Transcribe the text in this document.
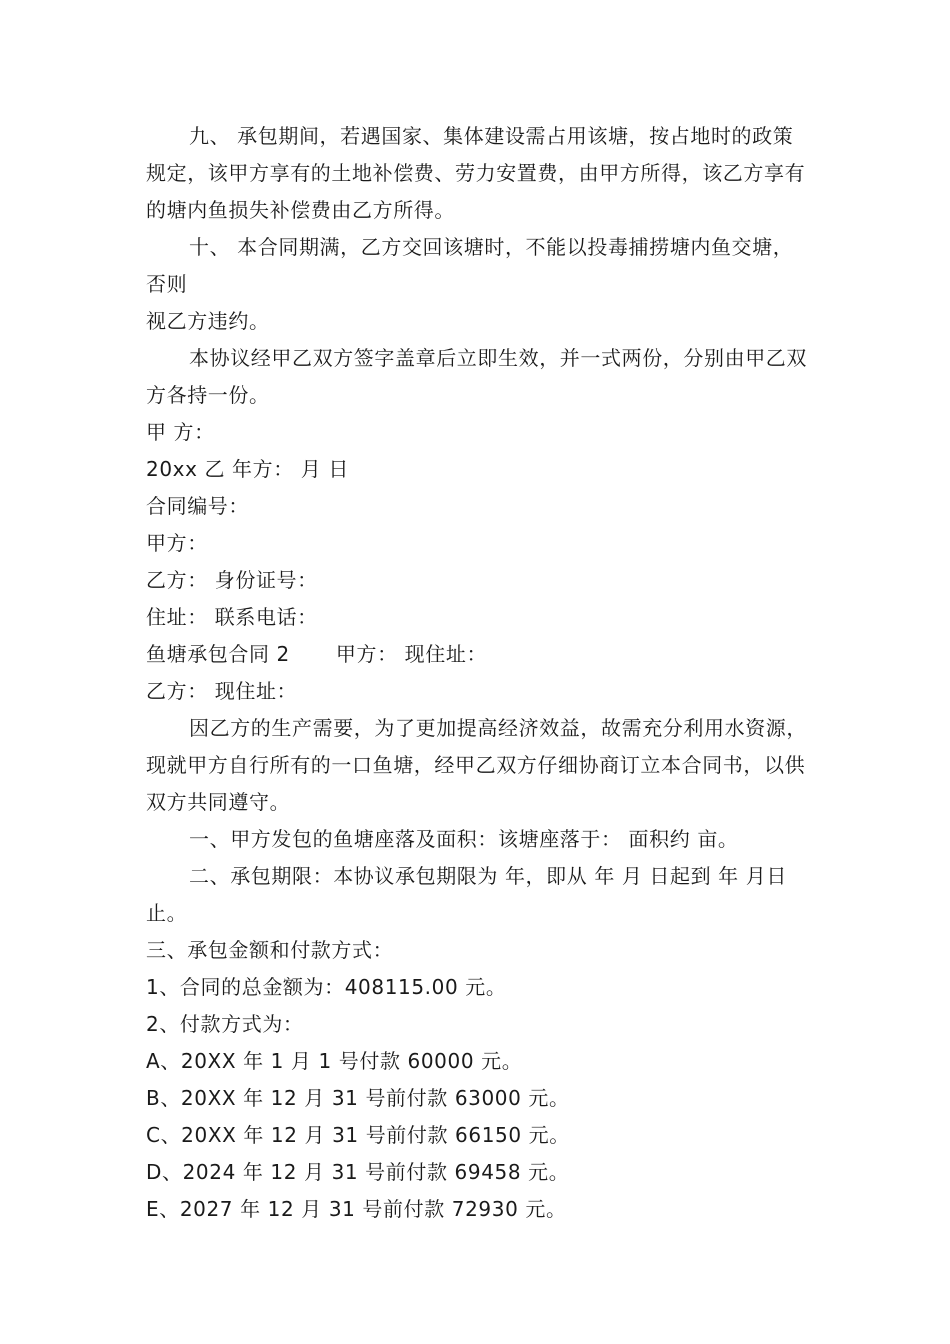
九、 承包期间，若遇国家、集体建设需占用该塘，按占地时的政策规定，该甲方享有的土地补偿费、劳力安置费，由甲方所得，该乙方享有的塘内鱼损失补偿费由乙方所得。

十、 本合同期满，乙方交回该塘时，不能以投毒捕捞塘内鱼交塘，否则

视乙方违约。

本协议经甲乙双方签字盖章后立即生效，并一式两份，分别由甲乙双方各持一份。

甲 方：

20xx 乙 年方： 月 日

合同编号：

甲方：

乙方： 身份证号：

住址： 联系电话：

鱼塘承包合同 2 甲方： 现住址：

乙方： 现住址：

因乙方的生产需要，为了更加提高经济效益，故需充分利用水资源，现就甲方自行所有的一口鱼塘，经甲乙双方仔细协商订立本合同书，以供双方共同遵守。

一、甲方发包的鱼塘座落及面积：该塘座落于： 面积约 亩。

二、承包期限：本协议承包期限为 年，即从 年 月 日起到 年 月日止。

三、承包金额和付款方式：

1、合同的总金额为：408115.00 元。

2、付款方式为：

A、20XX 年 1 月 1 号付款 60000 元。

B、20XX 年 12 月 31 号前付款 63000 元。

C、20XX 年 12 月 31 号前付款 66150 元。

D、2024 年 12 月 31 号前付款 69458 元。

E、2027 年 12 月 31 号前付款 72930 元。
